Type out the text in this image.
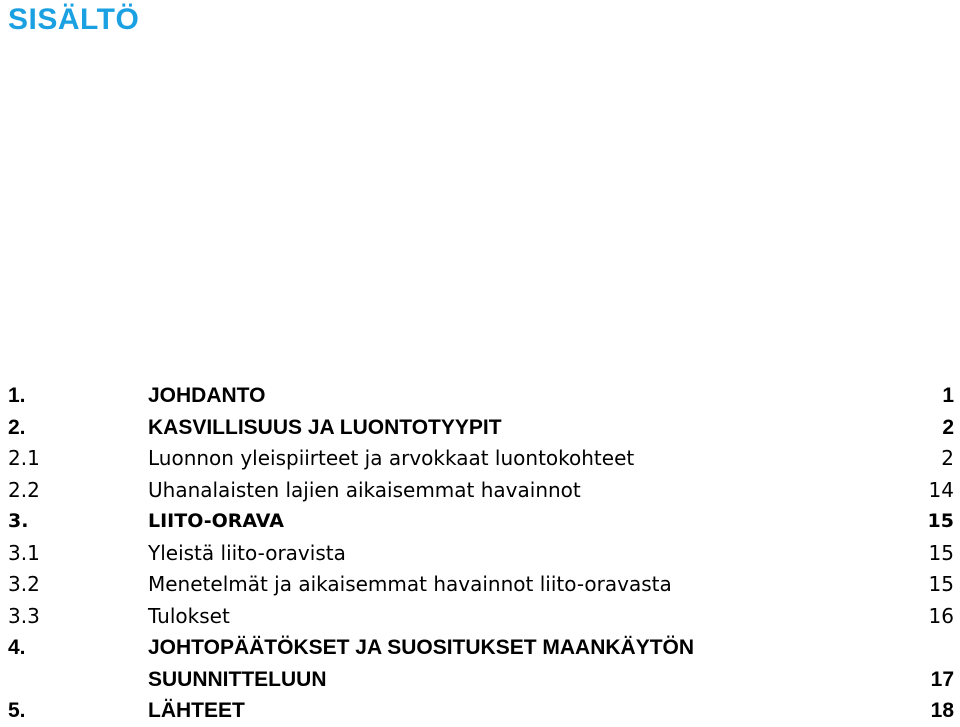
SISÄLTÖ
1.	JOHDANTO	1
2.	KASVILLISUUS JA LUONTOTYYPIT	2
2.1	Luonnon yleispiirteet ja arvokkaat luontokohteet	2
2.2	Uhanalaisten lajien aikaisemmat havainnot	14
3.	LIITO-ORAVA	15
3.1	Yleistä liito-oravista	15
3.2	Menetelmät ja aikaisemmat havainnot liito-oravasta	15
3.3	Tulokset	16
4.	JOHTOPÄÄTÖKSET JA SUOSITUKSET MAANKÄYTÖN
SUUNNITTELUUN	17
5.	LÄHTEET	18
